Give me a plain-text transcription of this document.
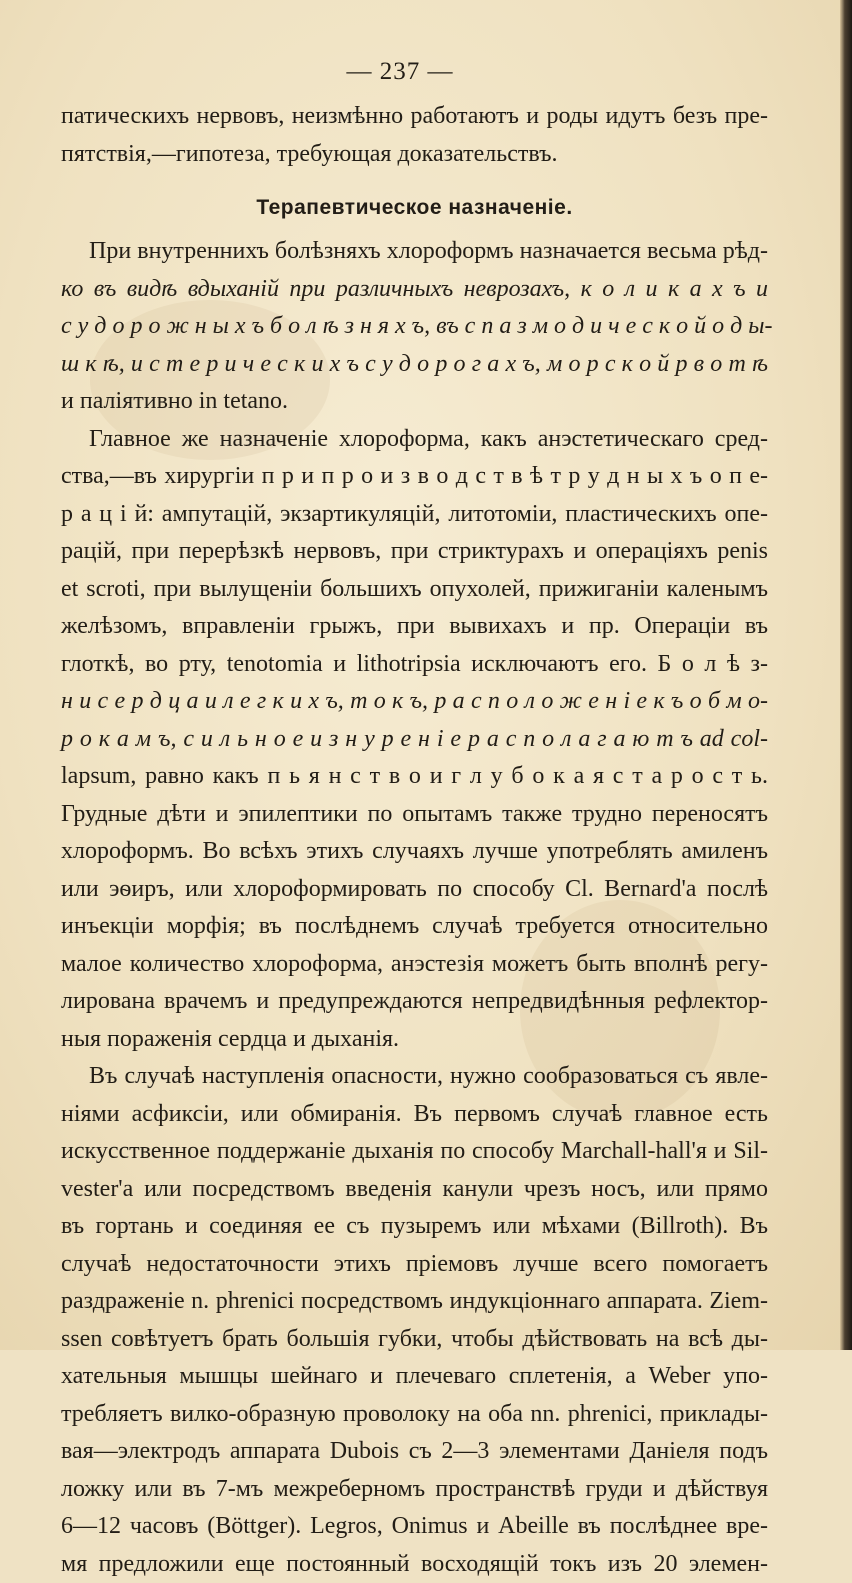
— 237 —
патическихъ нервовъ, неизмѣнно работаютъ и роды идутъ безъ пре-
пятствія,—гипотеза, требующая доказательствъ.
Терапевтическое назначеніе.
При внутреннихъ болѣзняхъ хлороформъ назначается весьма рѣд-
ко въ видѣ вдыханій при различныхъ неврозахъ, к о л и к а х ъ и
с у д о р о ж н ы х ъ б о л ѣ з н я х ъ, въ с п а з м о д и ч е с к о й о д ы-
ш к ѣ, и с т е р и ч е с к и х ъ с у д о р о г а х ъ, м о р с к о й р в о т ѣ
и паліятивно in tetano.
Главное же назначеніе хлороформа, какъ анэстетическаго сред-
ства,—въ хирургіи п р и п р о и з в о д с т в ѣ т р у д н ы х ъ о п е-
р а ц і й: ампутацій, экзартикуляцій, литотоміи, пластическихъ опе-
рацій, при перерѣзкѣ нервовъ, при стриктурахъ и операціяхъ penis
et scroti, при вылущеніи большихъ опухолей, прижиганіи каленымъ
желѣзомъ, вправленіи грыжъ, при вывихахъ и пр. Операціи въ
глоткѣ, во рту, tenotomia и lithotripsia исключаютъ его. Б о л ѣ з-
н и с е р д ц а и л е г к и х ъ, т о к ъ, р а с п о л о ж е н і е к ъ о б м о-
р о к а м ъ, с и л ь н о е и з н у р е н і е р а с п о л а г а ю т ъ ad col-
lapsum, равно какъ п ь я н с т в о и г л у б о к а я с т а р о с т ь.
Грудные дѣти и эпилептики по опытамъ также трудно переносятъ
хлороформъ. Во всѣхъ этихъ случаяхъ лучше употреблять амиленъ
или эѳиръ, или хлороформировать по способу Cl. Bernard'а послѣ
инъекціи морфія; въ послѣднемъ случаѣ требуется относительно
малое количество хлороформа, анэстезія можетъ быть вполнѣ регу-
лирована врачемъ и предупреждаются непредвидѣнныя рефлектор-
ныя пораженія сердца и дыханія.
Въ случаѣ наступленія опасности, нужно сообразоваться съ явле-
ніями асфиксіи, или обмиранія. Въ первомъ случаѣ главное есть
искусственное поддержаніе дыханія по способу Marchall-hall'я и Sil-
vester'а или посредствомъ введенія канули чрезъ носъ, или прямо
въ гортань и соединяя ее съ пузыремъ или мѣхами (Billroth). Въ
случаѣ недостаточности этихъ пріемовъ лучше всего помогаетъ
раздраженіе n. phrenici посредствомъ индукціоннаго аппарата. Ziem-
ssen совѣтуетъ брать большія губки, чтобы дѣйствовать на всѣ ды-
хательныя мышцы шейнаго и плечеваго сплетенія, а Weber упо-
требляетъ вилко-образную проволоку на оба nn. phrenici, приклады-
вая—электродъ аппарата Dubois съ 2—3 элементами Даніеля подъ
ложку или въ 7-мъ межреберномъ пространствѣ груди и дѣйствуя
6—12 часовъ (Böttger). Legros, Onimus и Abeille въ послѣднее вре-
мя предложили еще постоянный восходящій токъ изъ 20 элемен-
